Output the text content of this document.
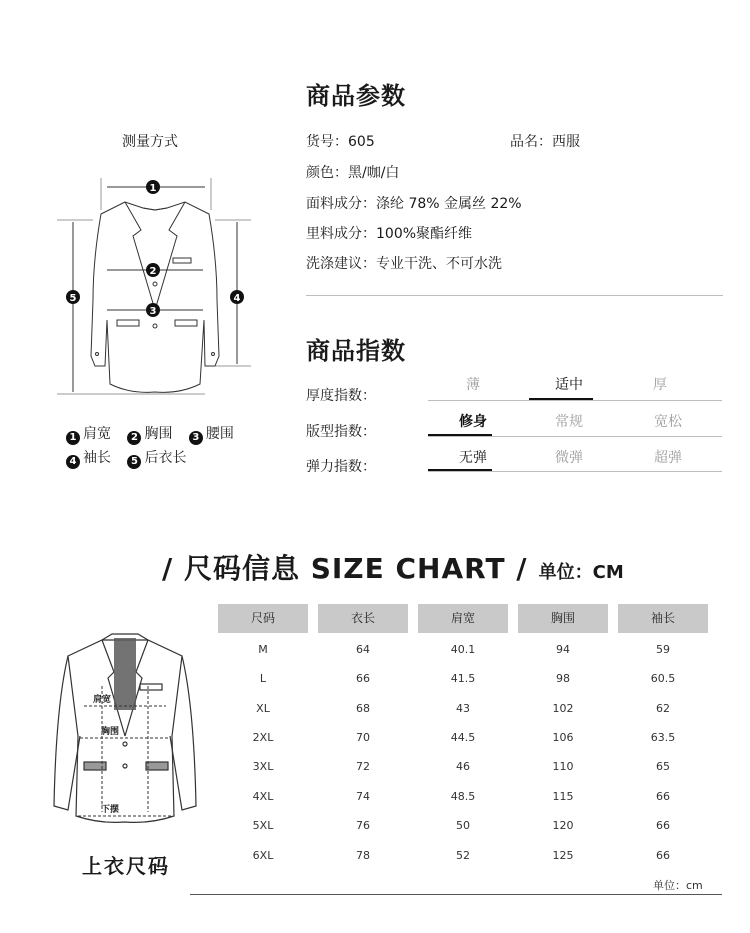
商品参数
货号：605	品名：西服
颜色：黑/咖/白
面料成分：涤纶 78% 金属丝 22%
里料成分：100%聚酯纤维
洗涤建议：专业干洗、不可水洗
测量方式
1
2
3
4
5
1 肩宽 2 胸围 3 腰围
4 袖长 5 后衣长
商品指数
厚度指数：
薄	适中	厚
版型指数：
修身	常规	宽松
弹力指数：
无弹	微弹	超弹
/ 尺码信息 SIZE CHART / 单位：CM
尺码	衣长	肩宽	胸围	袖长
M	64	40.1	94	59
L	66	41.5	98	60.5
XL	68	43	102	62
2XL	70	44.5	106	63.5
3XL	72	46	110	65
4XL	74	48.5	115	66
5XL	76	50	120	66
6XL	78	52	125	66
单位：cm
肩宽
胸围
下摆
上衣尺码
